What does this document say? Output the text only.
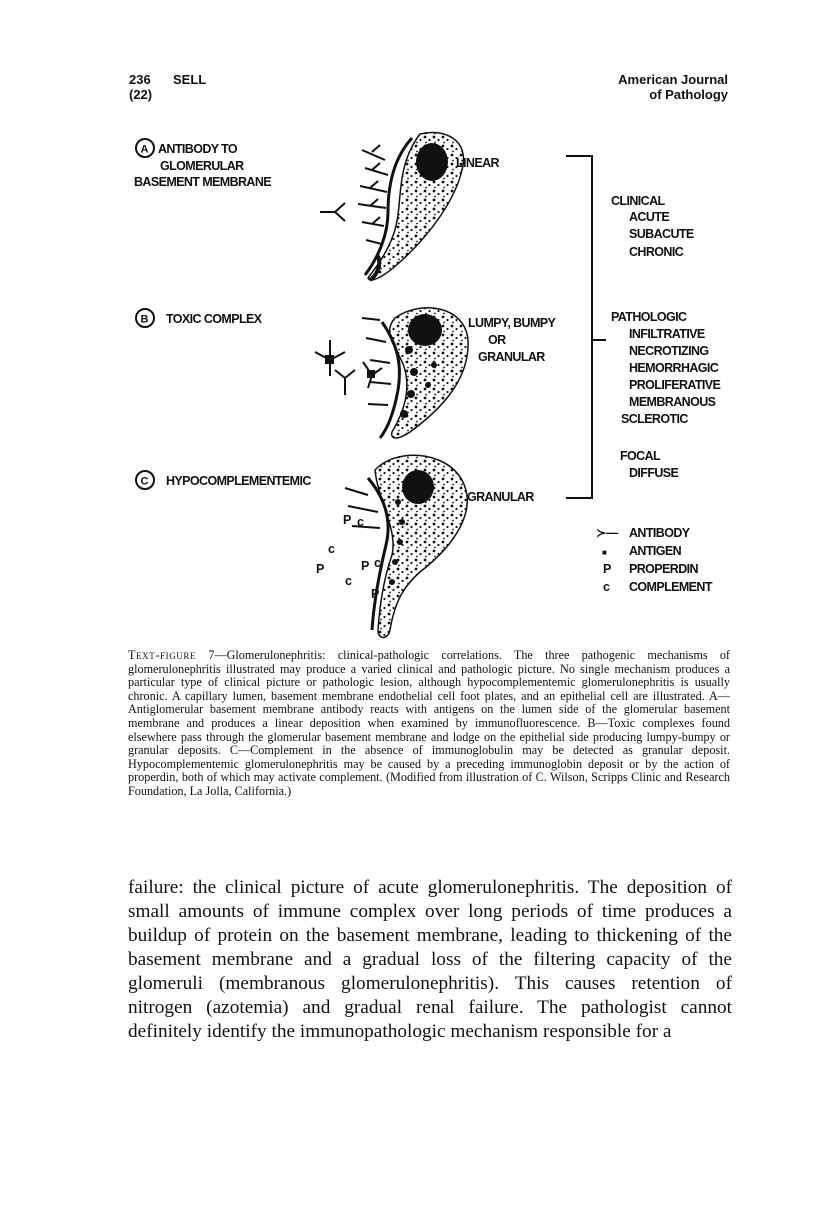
236 SELL
(22)
American Journal
of Pathology
A ANTIBODY TO
GLOMERULAR
BASEMENT MEMBRANE
LINEAR
B TOXIC COMPLEX	LUMPY, BUMPY
OR
GRANULAR
C HYPOCOMPLEMENTEMIC
P c
c
P	P c
c
P
GRANULAR
CLINICAL
ACUTE
SUBACUTE
CHRONIC
PATHOLOGIC
INFILTRATIVE
NECROTIZING
HEMORRHAGIC
PROLIFERATIVE
MEMBRANOUS
SCLEROTIC
FOCAL
DIFFUSE
≻— ANTIBODY
■ ANTIGEN
P PROPERDIN
c COMPLEMENT
Text-figure 7—Glomerulonephritis: clinical-pathologic correlations. The three pathogenic mechanisms of glomerulonephritis illustrated may produce a varied clinical and pathologic picture. No single mechanism produces a particular type of clinical picture or pathologic lesion, although hypocomplementemic glomerulonephritis is usually chronic. A capillary lumen, basement membrane endothelial cell foot plates, and an epithelial cell are illustrated. A—Antiglomerular basement membrane antibody reacts with antigens on the lumen side of the glomerular basement membrane and produces a linear deposition when examined by immunofluorescence. B—Toxic complexes found elsewhere pass through the glomerular basement membrane and lodge on the epithelial side producing lumpy-bumpy or granular deposits. C—Complement in the absence of immunoglobulin may be detected as granular deposit. Hypocomplementemic glomerulonephritis may be caused by a preceding immunoglobin deposit or by the action of properdin, both of which may activate complement. (Modified from illustration of C. Wilson, Scripps Clinic and Research Foundation, La Jolla, California.)
failure: the clinical picture of acute glomerulonephritis. The deposition of small amounts of immune complex over long periods of time produces a buildup of protein on the basement membrane, leading to thickening of the basement membrane and a gradual loss of the filtering capacity of the glomeruli (membranous glomerulonephritis). This causes retention of nitrogen (azotemia) and gradual renal failure. The pathologist cannot definitely identify the immunopathologic mechanism responsible for a
